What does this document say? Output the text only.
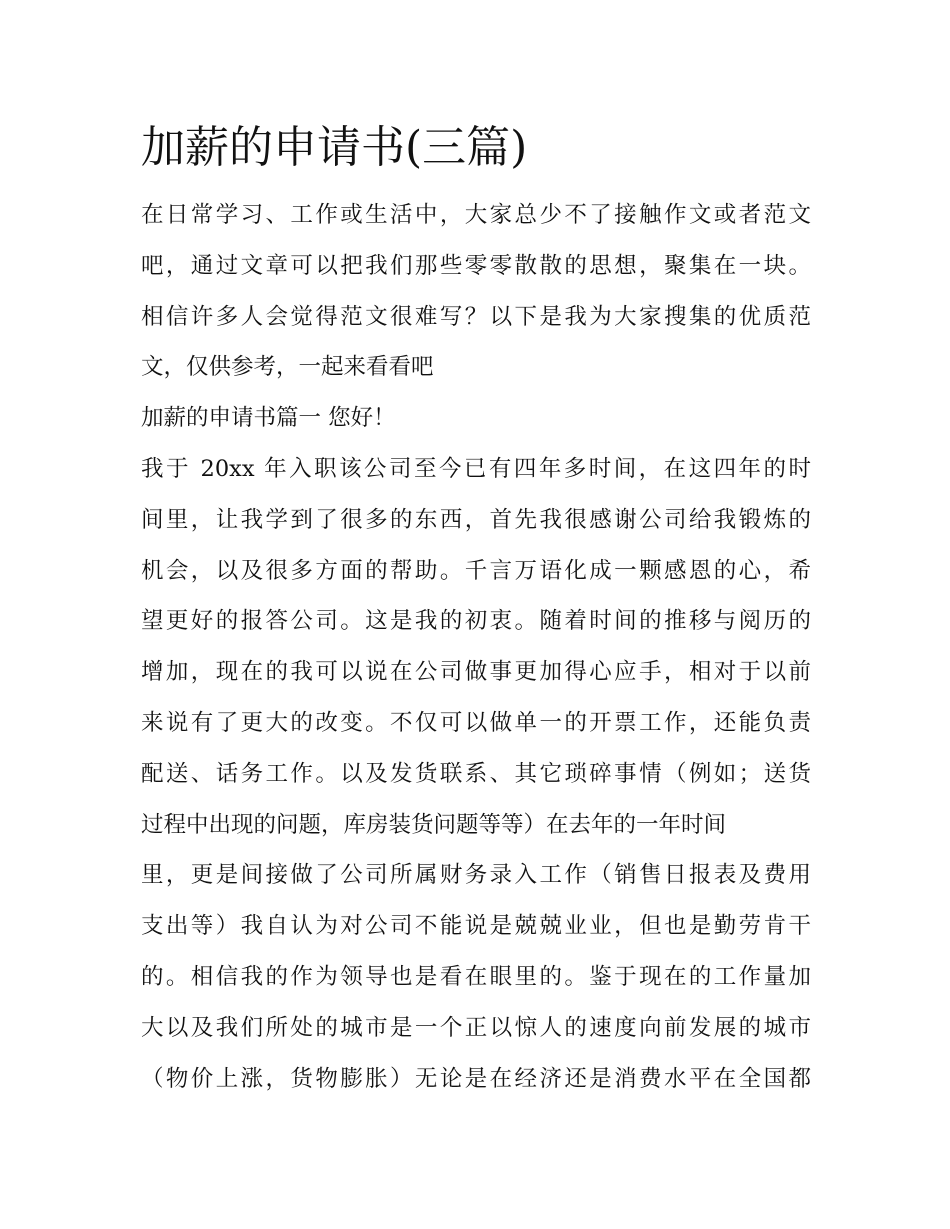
加薪的申请书(三篇)

在日常学习、工作或生活中，大家总少不了接触作文或者范文

吧，通过文章可以把我们那些零零散散的思想，聚集在一块。

相信许多人会觉得范文很难写？以下是我为大家搜集的优质范

文，仅供参考，一起来看看吧

加薪的申请书篇一 您好！

我于 20xx 年入职该公司至今已有四年多时间，在这四年的时

间里，让我学到了很多的东西，首先我很感谢公司给我锻炼的

机会，以及很多方面的帮助。千言万语化成一颗感恩的心，希

望更好的报答公司。这是我的初衷。随着时间的推移与阅历的

增加，现在的我可以说在公司做事更加得心应手，相对于以前

来说有了更大的改变。不仅可以做单一的开票工作，还能负责

配送、话务工作。以及发货联系、其它琐碎事情（例如；送货

过程中出现的问题，库房装货问题等等）在去年的一年时间

里，更是间接做了公司所属财务录入工作（销售日报表及费用

支出等）我自认为对公司不能说是兢兢业业，但也是勤劳肯干

的。相信我的作为领导也是看在眼里的。鉴于现在的工作量加

大以及我们所处的城市是一个正以惊人的速度向前发展的城市

（物价上涨，货物膨胀）无论是在经济还是消费水平在全国都
